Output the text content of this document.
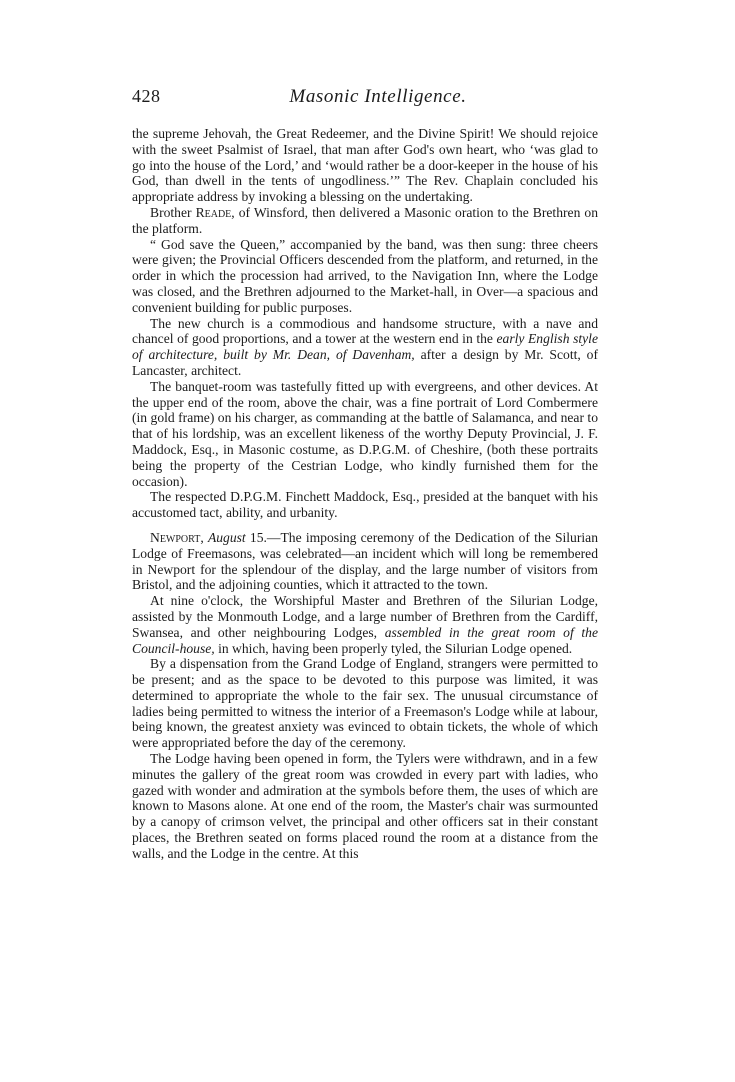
428	Masonic Intelligence.

the supreme Jehovah, the Great Redeemer, and the Divine Spirit! We should rejoice with the sweet Psalmist of Israel, that man after God's own heart, who ‘was glad to go into the house of the Lord,’ and ‘would rather be a door-keeper in the house of his God, than dwell in the tents of ungodliness.’” The Rev. Chaplain concluded his appropriate address by invoking a blessing on the undertaking.

Brother Reade, of Winsford, then delivered a Masonic oration to the Brethren on the platform.

“ God save the Queen,” accompanied by the band, was then sung: three cheers were given; the Provincial Officers descended from the platform, and returned, in the order in which the procession had arrived, to the Navigation Inn, where the Lodge was closed, and the Brethren adjourned to the Market-hall, in Over—a spacious and convenient building for public purposes.

The new church is a commodious and handsome structure, with a nave and chancel of good proportions, and a tower at the western end in the early English style of architecture, built by Mr. Dean, of Davenham, after a design by Mr. Scott, of Lancaster, architect.

The banquet-room was tastefully fitted up with evergreens, and other devices. At the upper end of the room, above the chair, was a fine portrait of Lord Combermere (in gold frame) on his charger, as commanding at the battle of Salamanca, and near to that of his lordship, was an excellent likeness of the worthy Deputy Provincial, J. F. Maddock, Esq., in Masonic costume, as D.P.G.M. of Cheshire, (both these portraits being the property of the Cestrian Lodge, who kindly furnished them for the occasion).

The respected D.P.G.M. Finchett Maddock, Esq., presided at the banquet with his accustomed tact, ability, and urbanity.

Newport, August 15.—The imposing ceremony of the Dedication of the Silurian Lodge of Freemasons, was celebrated—an incident which will long be remembered in Newport for the splendour of the display, and the large number of visitors from Bristol, and the adjoining counties, which it attracted to the town.

At nine o'clock, the Worshipful Master and Brethren of the Silurian Lodge, assisted by the Monmouth Lodge, and a large number of Brethren from the Cardiff, Swansea, and other neighbouring Lodges, assembled in the great room of the Council-house, in which, having been properly tyled, the Silurian Lodge opened.

By a dispensation from the Grand Lodge of England, strangers were permitted to be present; and as the space to be devoted to this purpose was limited, it was determined to appropriate the whole to the fair sex. The unusual circumstance of ladies being permitted to witness the interior of a Freemason's Lodge while at labour, being known, the greatest anxiety was evinced to obtain tickets, the whole of which were appropriated before the day of the ceremony.

The Lodge having been opened in form, the Tylers were withdrawn, and in a few minutes the gallery of the great room was crowded in every part with ladies, who gazed with wonder and admiration at the symbols before them, the uses of which are known to Masons alone. At one end of the room, the Master's chair was surmounted by a canopy of crimson velvet, the principal and other officers sat in their constant places, the Brethren seated on forms placed round the room at a distance from the walls, and the Lodge in the centre. At this
